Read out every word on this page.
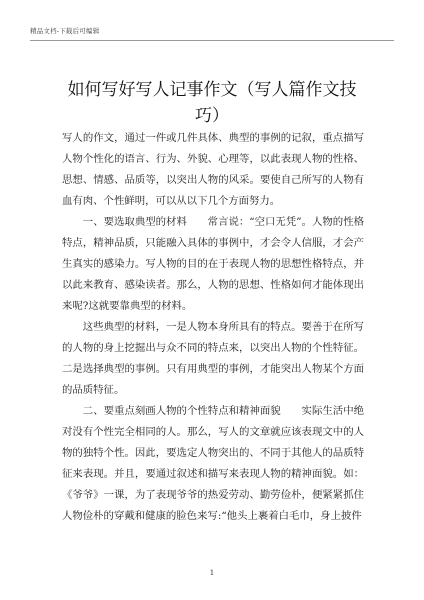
精品文档-下载后可编辑
如何写好写人记事作文（写人篇作文技巧）

写人的作文，通过一件或几件具体、典型的事例的记叙，重点描写人物个性化的语言、行为、外貌、心理等，以此表现人物的性格、思想、情感、品质等，以突出人物的风采。要使自己所写的人物有血有肉、个性鲜明，可以从以下几个方面努力。

一、要选取典型的材料　　常言说：“空口无凭”。人物的性格特点，精神品质，只能融入具体的事例中，才会令人信服，才会产生真实的感染力。写人物的目的在于表现人物的思想性格特点，并以此来教育、感染读者。那么，人物的思想、性格如何才能体现出来呢?这就要靠典型的材料。

这些典型的材料，一是人物本身所具有的特点。要善于在所写的人物的身上挖掘出与众不同的特点来，以突出人物的个性特征。二是选择典型的事例。只有用典型的事例，才能突出人物某个方面的品质特征。

二、要重点刻画人物的个性特点和精神面貌　　实际生活中绝对没有个性完全相同的人。那么，写人的文章就应该表现文中的人物的独特个性。因此，要选定人物突出的、不同于其他人的品质特征来表现。并且，要通过叙述和描写来表现人物的精神面貌。如：《爷爷》一课，为了表现爷爷的热爱劳动、勤劳俭朴，便紧紧抓住人物俭朴的穿戴和健康的脸色来写:“他头上裹着白毛巾，身上披件

1
